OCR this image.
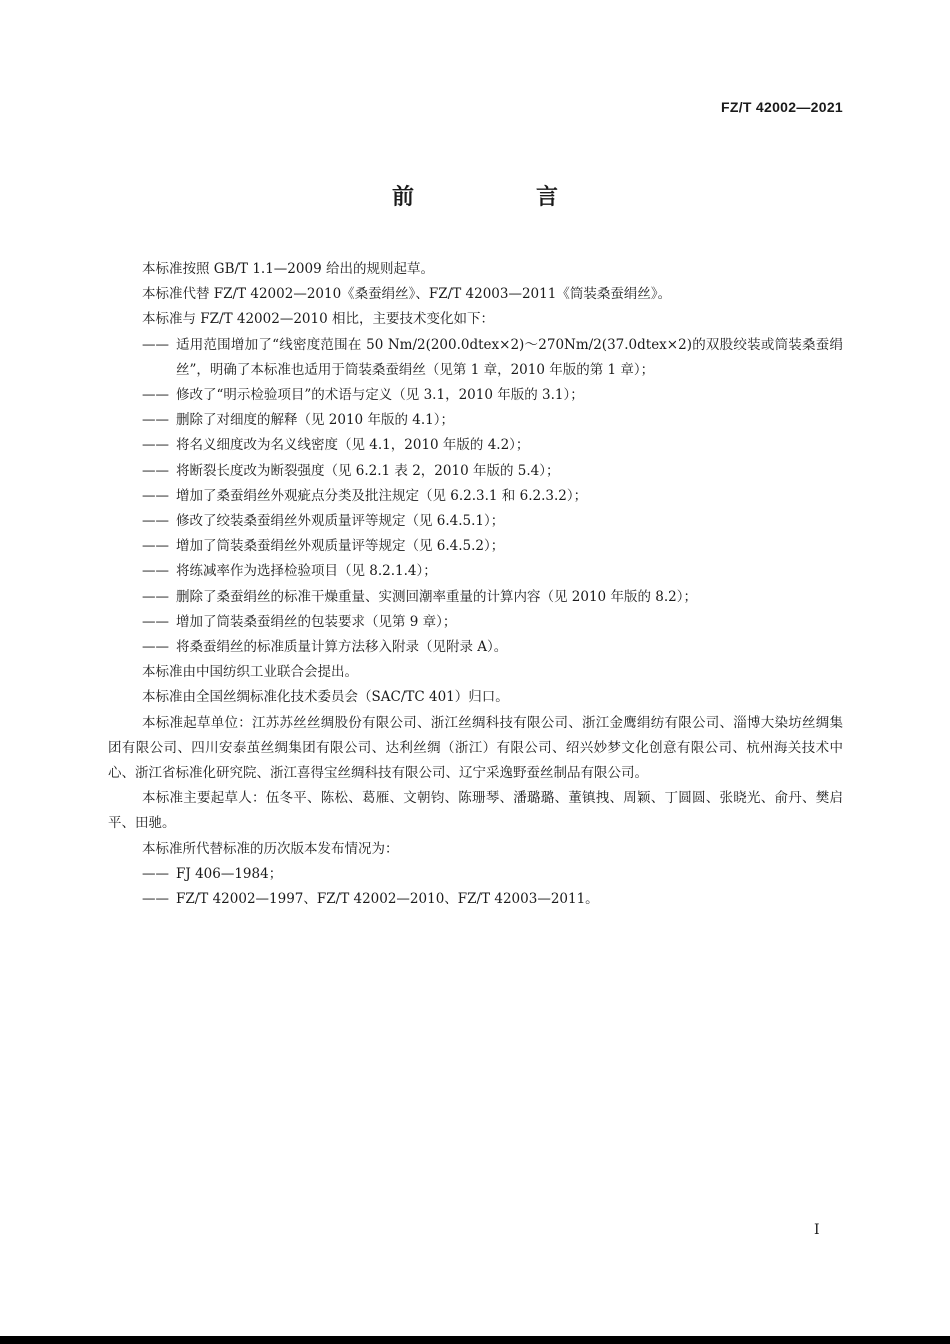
FZ/T 42002—2021
前　言

本标准按照 GB/T 1.1—2009 给出的规则起草。

本标准代替 FZ/T 42002—2010《桑蚕绢丝》、FZ/T 42003—2011《筒装桑蚕绢丝》。

本标准与 FZ/T 42002—2010 相比，主要技术变化如下：

—— 适用范围增加了“线密度范围在 50 Nm/2(200.0dtex×2)～270Nm/2(37.0dtex×2)的双股绞装或筒装桑蚕绢丝”，明确了本标准也适用于筒装桑蚕绢丝（见第 1 章，2010 年版的第 1 章）；

—— 修改了“明示检验项目”的术语与定义（见 3.1，2010 年版的 3.1）；

—— 删除了对细度的解释（见 2010 年版的 4.1）；

—— 将名义细度改为名义线密度（见 4.1，2010 年版的 4.2）；

—— 将断裂长度改为断裂强度（见 6.2.1 表 2，2010 年版的 5.4）；

—— 增加了桑蚕绢丝外观疵点分类及批注规定（见 6.2.3.1 和 6.2.3.2）；

—— 修改了绞装桑蚕绢丝外观质量评等规定（见 6.4.5.1）；

—— 增加了筒装桑蚕绢丝外观质量评等规定（见 6.4.5.2）；

—— 将练减率作为选择检验项目（见 8.2.1.4）；

—— 删除了桑蚕绢丝的标准干燥重量、实测回潮率重量的计算内容（见 2010 年版的 8.2）；

—— 增加了筒装桑蚕绢丝的包装要求（见第 9 章）；

—— 将桑蚕绢丝的标准质量计算方法移入附录（见附录 A）。

本标准由中国纺织工业联合会提出。

本标准由全国丝绸标准化技术委员会（SAC/TC 401）归口。

本标准起草单位：江苏苏丝丝绸股份有限公司、浙江丝绸科技有限公司、浙江金鹰绢纺有限公司、淄博大染坊丝绸集团有限公司、四川安泰茧丝绸集团有限公司、达利丝绸（浙江）有限公司、绍兴妙梦文化创意有限公司、杭州海关技术中心、浙江省标准化研究院、浙江喜得宝丝绸科技有限公司、辽宁采逸野蚕丝制品有限公司。

本标准主要起草人：伍冬平、陈松、葛雁、文朝钧、陈珊琴、潘璐璐、董镇拽、周颖、丁圆圆、张晓光、俞丹、樊启平、田驰。

本标准所代替标准的历次版本发布情况为：

—— FJ 406—1984；

—— FZ/T 42002—1997、FZ/T 42002—2010、FZ/T 42003—2011。

I
